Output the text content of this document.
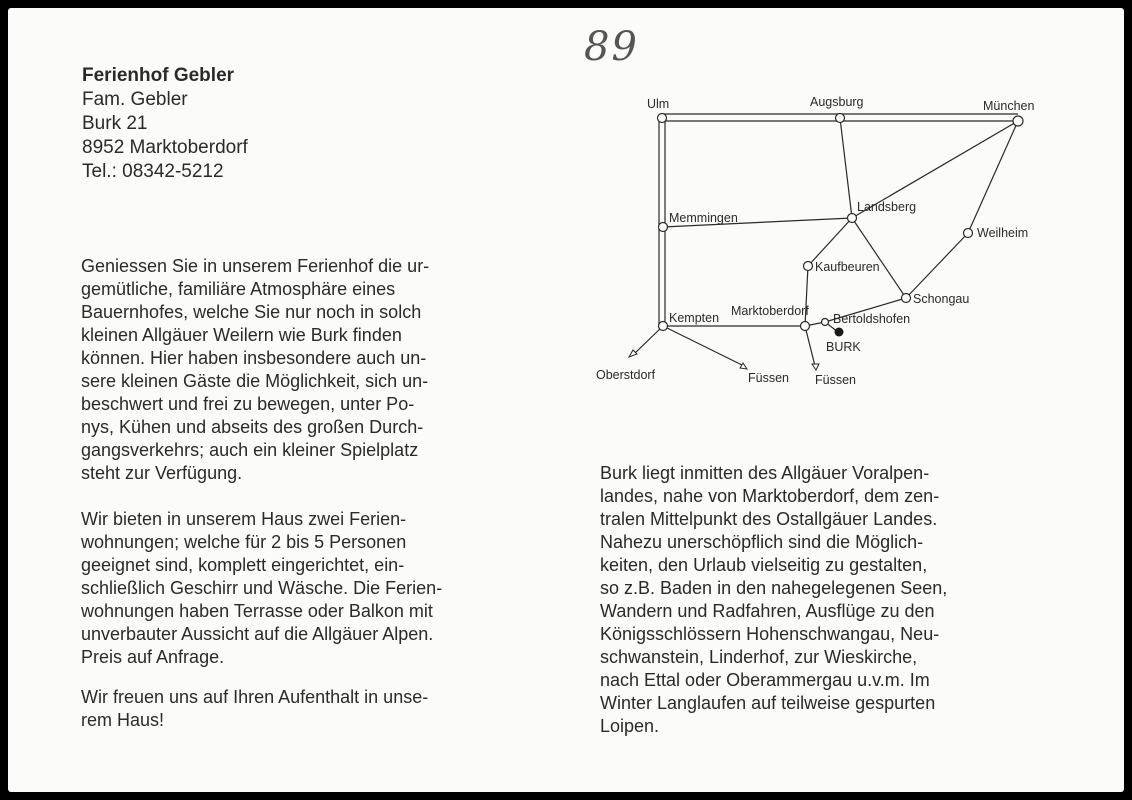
89
Ferienhof Gebler
Fam. Gebler
Burk 21
8952 Marktoberdorf
Tel.: 08342-5212
Geniessen Sie in unserem Ferienhof die ur-
gemütliche, familiäre Atmosphäre eines
Bauernhofes, welche Sie nur noch in solch
kleinen Allgäuer Weilern wie Burk finden
können. Hier haben insbesondere auch un-
sere kleinen Gäste die Möglichkeit, sich un-
beschwert und frei zu bewegen, unter Po-
nys, Kühen und abseits des großen Durch-
gangsverkehrs; auch ein kleiner Spielplatz
steht zur Verfügung.
Wir bieten in unserem Haus zwei Ferien-
wohnungen; welche für 2 bis 5 Personen
geeignet sind, komplett eingerichtet, ein-
schließlich Geschirr und Wäsche. Die Ferien-
wohnungen haben Terrasse oder Balkon mit
unverbauter Aussicht auf die Allgäuer Alpen.
Preis auf Anfrage.
Wir freuen uns auf Ihren Aufenthalt in unse-
rem Haus!
Burk liegt inmitten des Allgäuer Voralpen-
landes, nahe von Marktoberdorf, dem zen-
tralen Mittelpunkt des Ostallgäuer Landes.
Nahezu unerschöpflich sind die Möglich-
keiten, den Urlaub vielseitig zu gestalten,
so z.B. Baden in den nahegelegenen Seen,
Wandern und Radfahren, Ausflüge zu den
Königsschlössern Hohenschwangau, Neu-
schwanstein, Linderhof, zur Wieskirche,
nach Ettal oder Oberammergau u.v.m. Im
Winter Langlaufen auf teilweise gespurten
Loipen.
Ulm	Augsburg	München
Memmingen
Landsberg
Weilheim
Kaufbeuren
Schongau
Kempten Marktoberdorf
Bertoldshofen
BURK
Oberstdorf	Füssen Füssen
